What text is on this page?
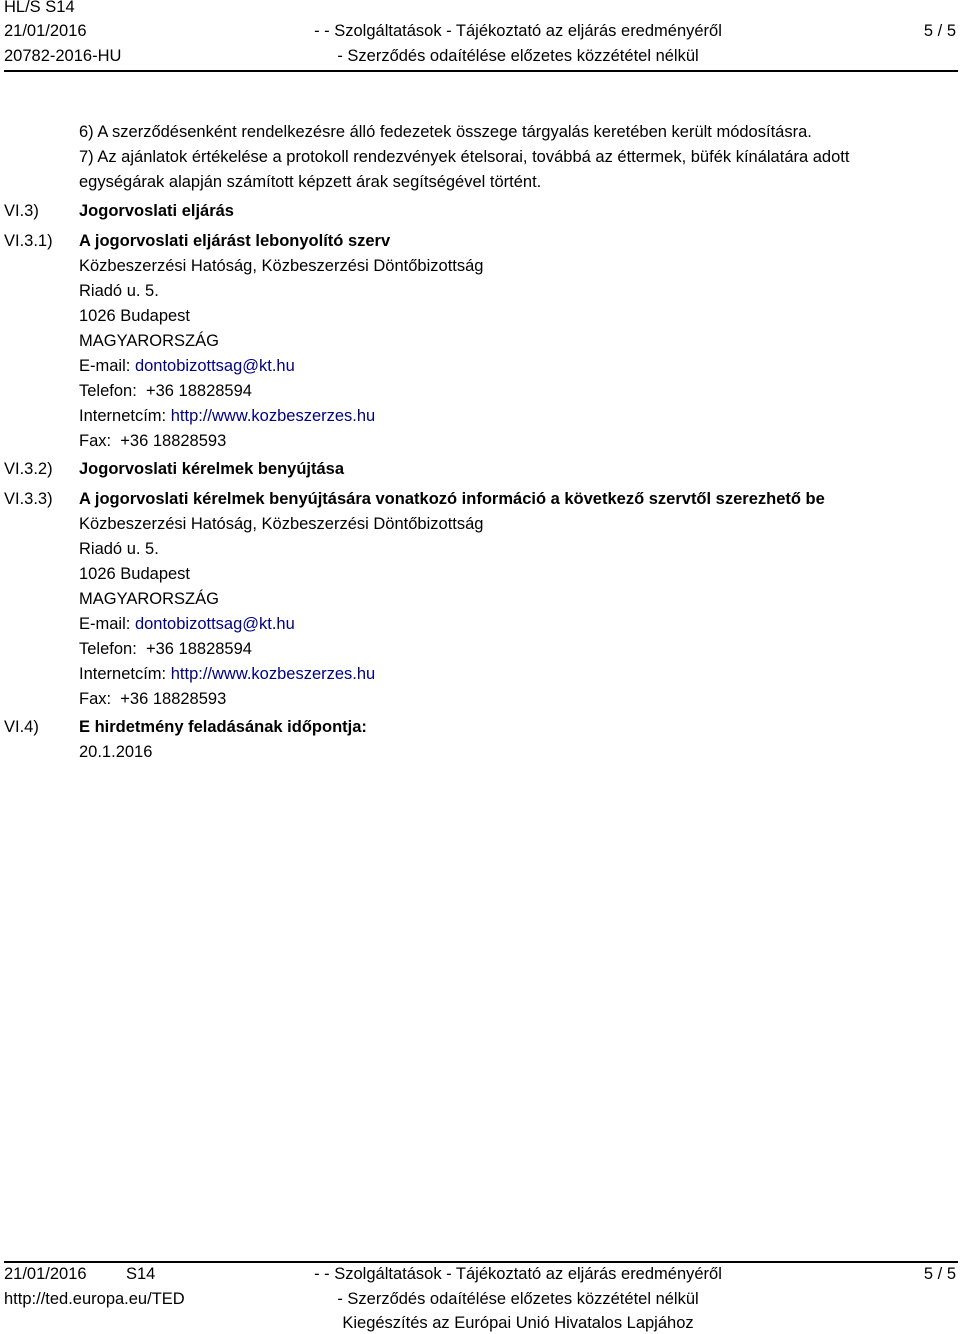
HL/S S14
21/01/2016
20782-2016-HU
- - Szolgáltatások - Tájékoztató az eljárás eredményéről
- Szerződés odaítélése előzetes közzététel nélkül
5 / 5
VI.3)
VI.3.1)
VI.3.2)
VI.3.3)
VI.4)
6) A szerződésenként rendelkezésre álló fedezetek összege tárgyalás keretében került módosításra.
7) Az ajánlatok értékelése a protokoll rendezvények ételsorai, továbbá az éttermek, büfék kínálatára adott
egységárak alapján számított képzett árak segítségével történt.
Jogorvoslati eljárás
A jogorvoslati eljárást lebonyolító szerv
Közbeszerzési Hatóság, Közbeszerzési Döntőbizottság
Riadó u. 5.
1026 Budapest
MAGYARORSZÁG
E-mail: dontobizottsag@kt.hu
Telefon: +36 18828594
Internetcím: http://www.kozbeszerzes.hu
Fax: +36 18828593
Jogorvoslati kérelmek benyújtása
A jogorvoslati kérelmek benyújtására vonatkozó információ a következő szervtől szerezhető be
Közbeszerzési Hatóság, Közbeszerzési Döntőbizottság
Riadó u. 5.
1026 Budapest
MAGYARORSZÁG
E-mail: dontobizottsag@kt.hu
Telefon: +36 18828594
Internetcím: http://www.kozbeszerzes.hu
Fax: +36 18828593
E hirdetmény feladásának időpontja:
20.1.2016
21/01/2016 S14
http://ted.europa.eu/TED
- - Szolgáltatások - Tájékoztató az eljárás eredményéről
- Szerződés odaítélése előzetes közzététel nélkül
Kiegészítés az Európai Unió Hivatalos Lapjához
5 / 5
